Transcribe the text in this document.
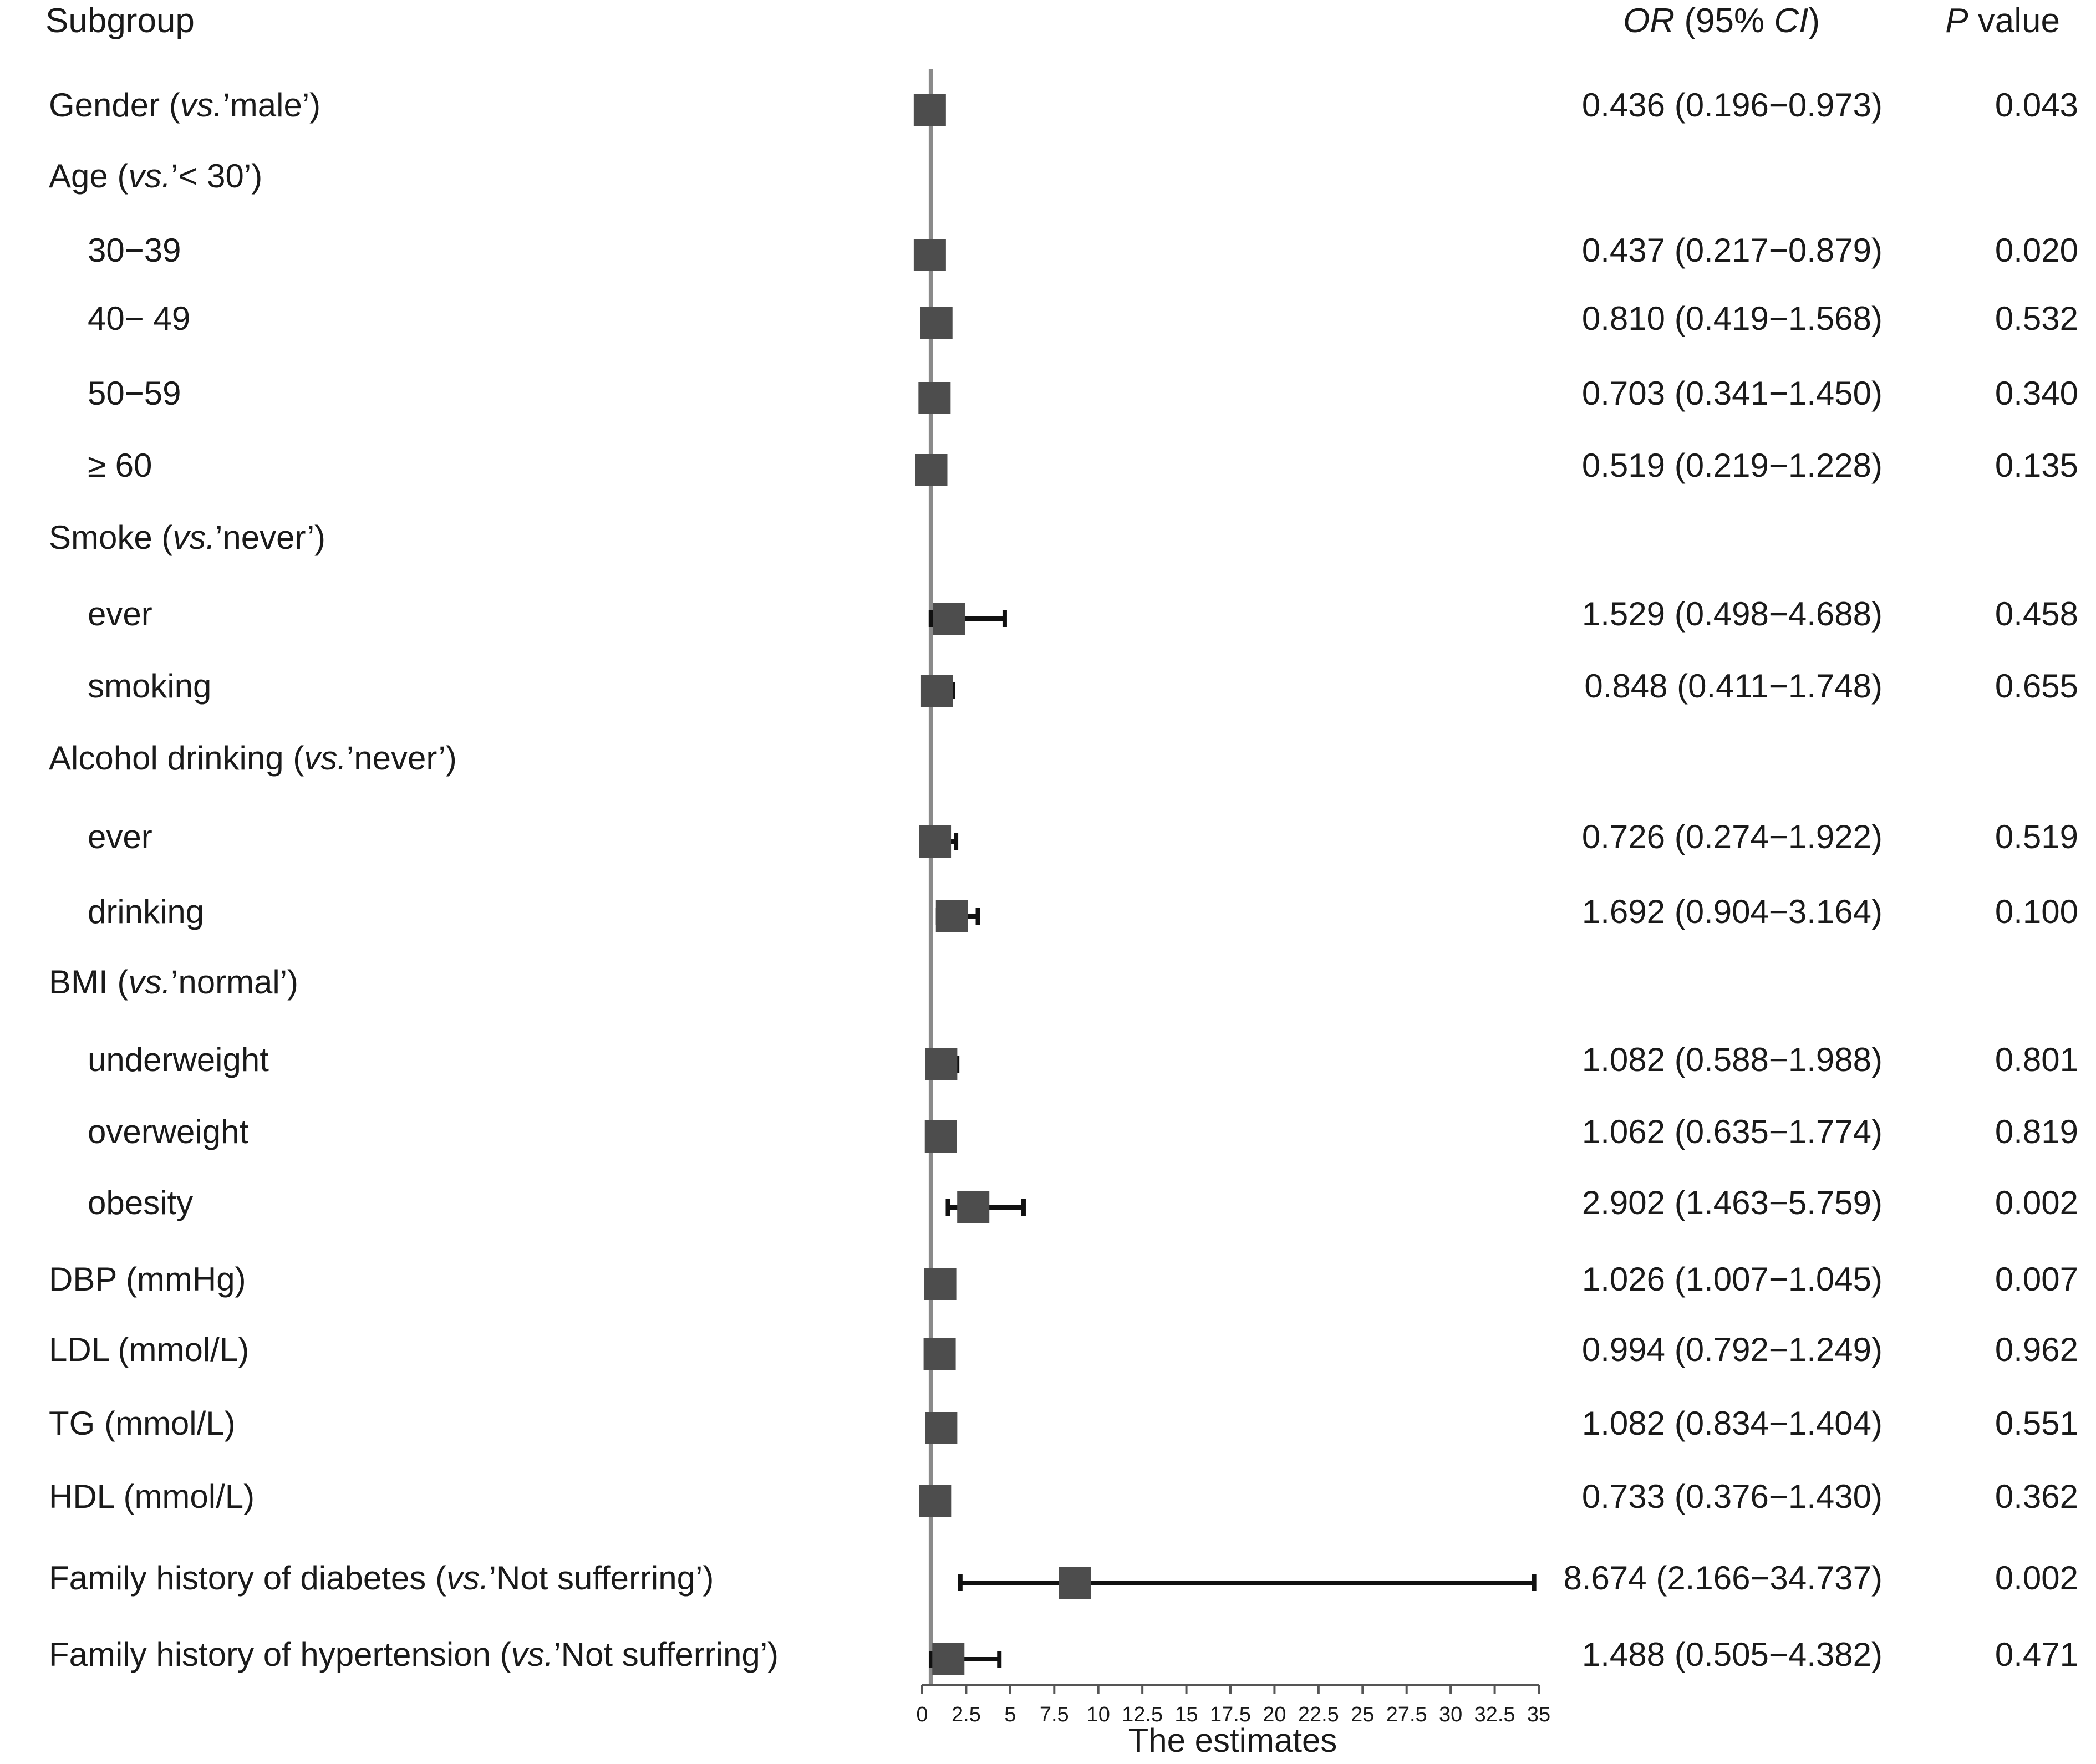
Subgroup	OR (95% CI)	P value
Gender (vs.’male’)	0.436 (0.196−0.973)	0.043
Age (vs.’< 30’)
30−39	0.437 (0.217−0.879)	0.020
40− 49	0.810 (0.419−1.568)	0.532
50−59	0.703 (0.341−1.450)	0.340
≥ 60	0.519 (0.219−1.228)	0.135
Smoke (vs.’never’)
ever	1.529 (0.498−4.688)	0.458
smoking	0.848 (0.411−1.748)	0.655
Alcohol drinking (vs.’never’)
ever	0.726 (0.274−1.922)	0.519
drinking	1.692 (0.904−3.164)	0.100
BMI (vs.’normal’)
underweight	1.082 (0.588−1.988)	0.801
overweight	1.062 (0.635−1.774)	0.819
obesity	2.902 (1.463−5.759)	0.002
DBP (mmHg)	1.026 (1.007−1.045)	0.007
LDL (mmol/L)	0.994 (0.792−1.249)	0.962
TG (mmol/L)	1.082 (0.834−1.404)	0.551
HDL (mmol/L)	0.733 (0.376−1.430)	0.362
Family history of diabetes (vs.’Not sufferring’)	8.674 (2.166−34.737)	0.002
Family history of hypertension (vs.’Not sufferring’)	1.488 (0.505−4.382)	0.471
0 2.5 5 7.5 10 12.5 15 17.5 20 22.5 25 27.5 30 32.5 35
The estimates
